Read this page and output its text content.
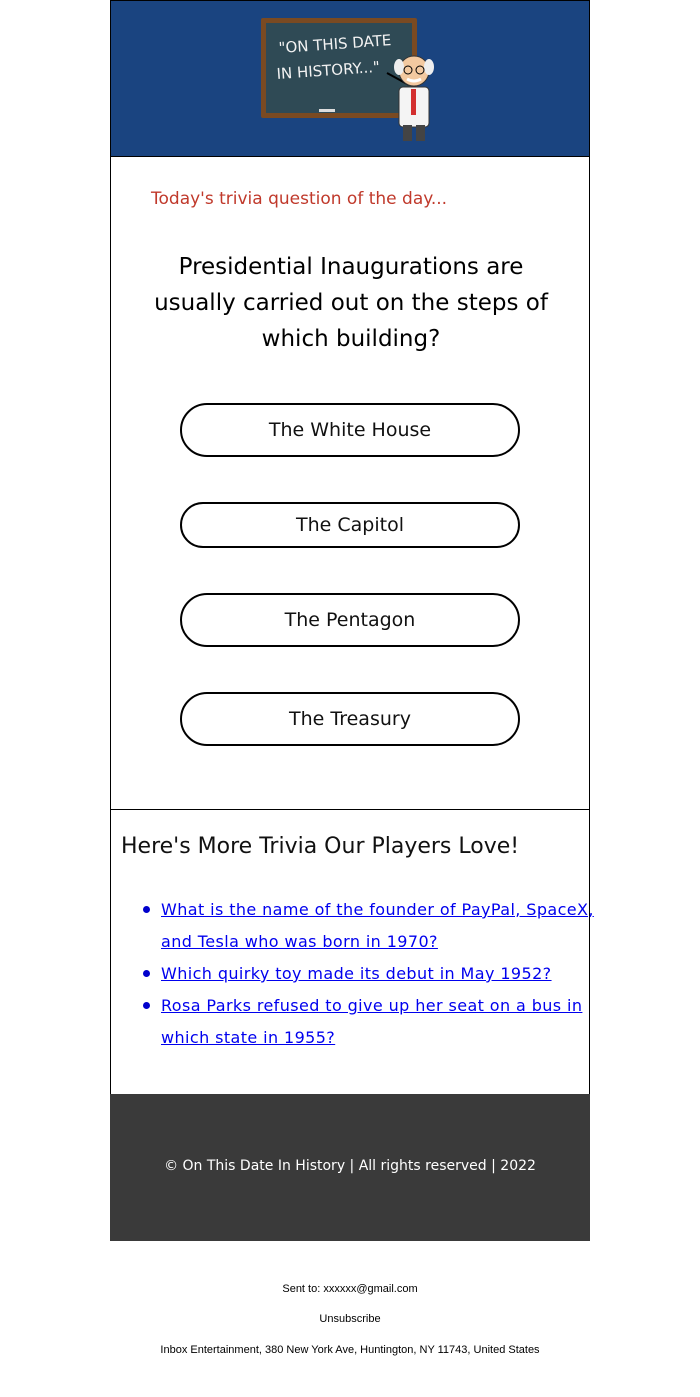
"ON THIS DATE
IN HISTORY..."
Today's trivia question of the day...
Presidential Inaugurations are usually carried out on the steps of which building?
The White House
The Capitol
The Pentagon
The Treasury
Here's More Trivia Our Players Love!
What is the name of the founder of PayPal, SpaceX, and Tesla who was born in 1970?
Which quirky toy made its debut in May 1952?
Rosa Parks refused to give up her seat on a bus in which state in 1955?
© On This Date In History | All rights reserved | 2022
Sent to: xxxxxx@gmail.com
Unsubscribe
Inbox Entertainment, 380 New York Ave, Huntington, NY 11743, United States
